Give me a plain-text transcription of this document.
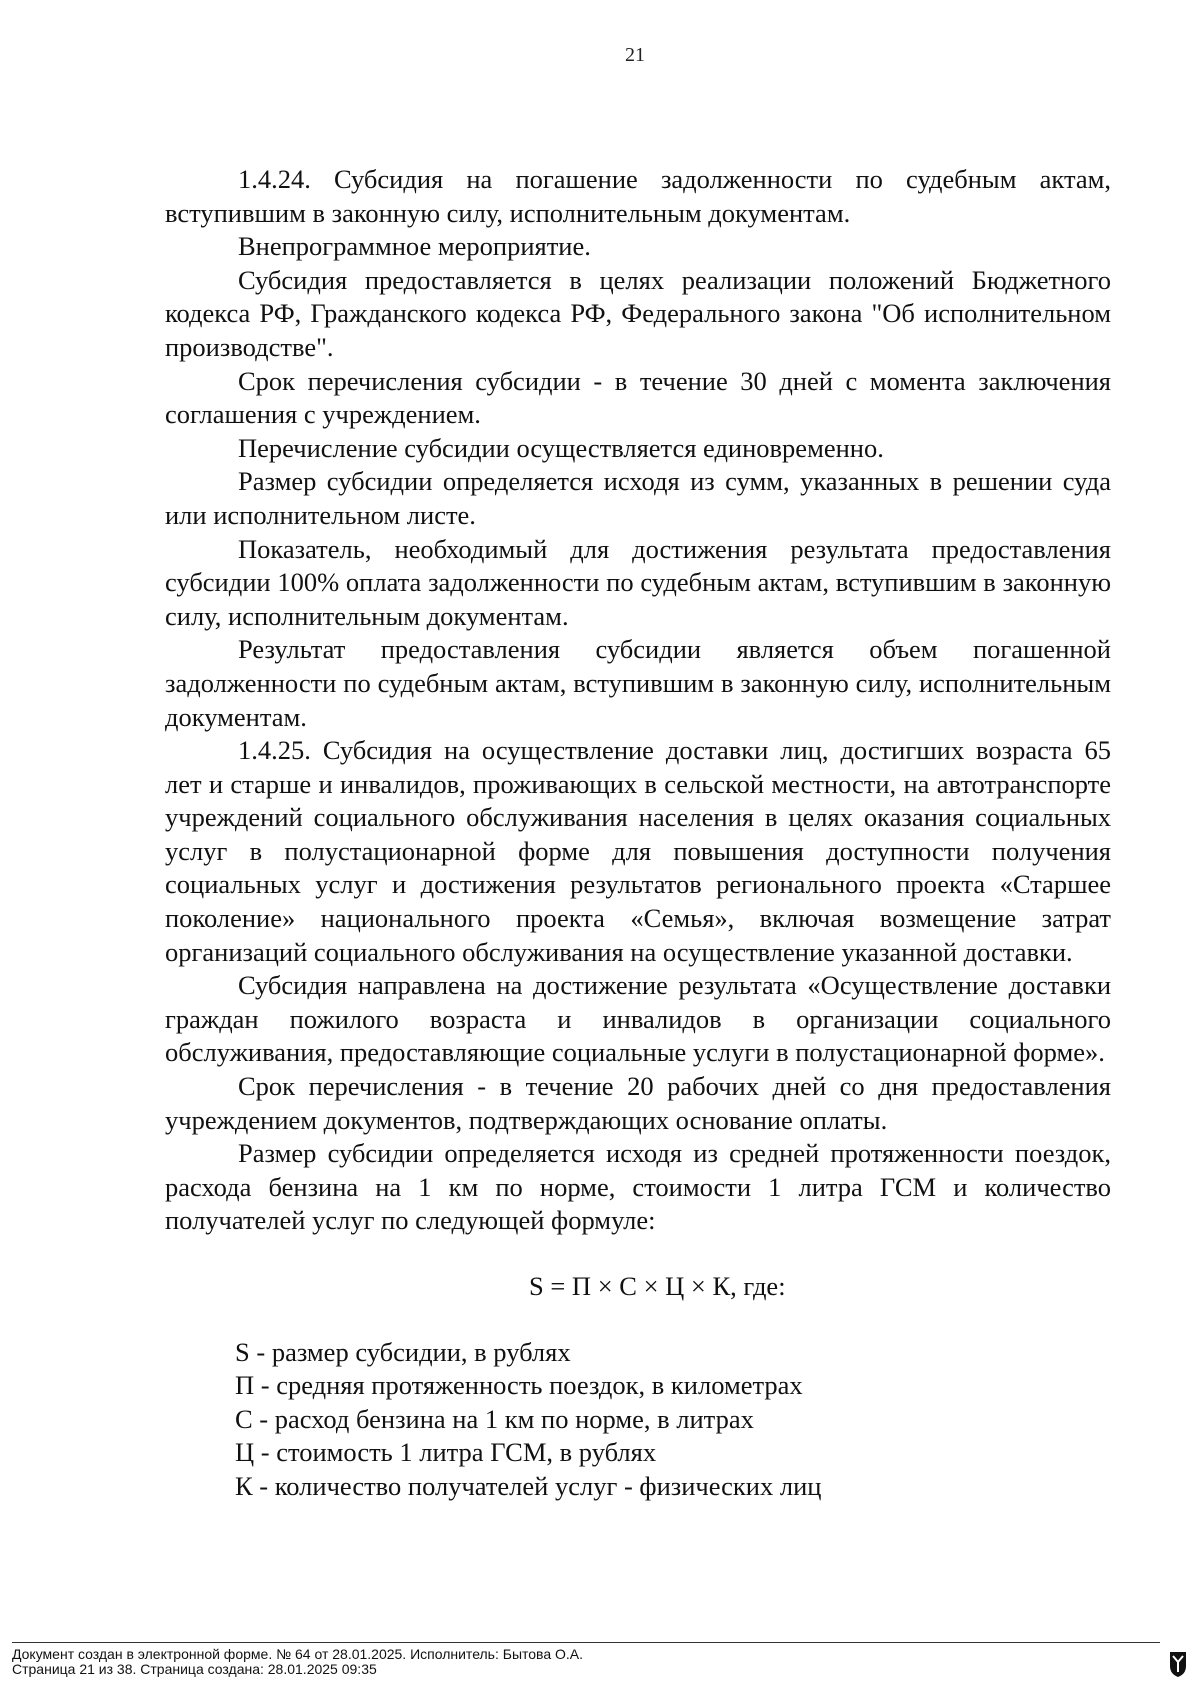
21

1.4.24. Субсидия на погашение задолженности по судебным актам, вступившим в законную силу, исполнительным документам.

Внепрограммное мероприятие.

Субсидия предоставляется в целях реализации положений Бюджетного кодекса РФ, Гражданского кодекса РФ, Федерального закона "Об исполнительном производстве".

Срок перечисления субсидии - в течение 30 дней с момента заключения соглашения с учреждением.

Перечисление субсидии осуществляется единовременно.

Размер субсидии определяется исходя из сумм, указанных в решении суда или исполнительном листе.

Показатель, необходимый для достижения результата предоставления субсидии 100% оплата задолженности по судебным актам, вступившим в законную силу, исполнительным документам.

Результат предоставления субсидии является объем погашенной задолженности по судебным актам, вступившим в законную силу, исполнительным документам.

1.4.25. Субсидия на осуществление доставки лиц, достигших возраста 65 лет и старше и инвалидов, проживающих в сельской местности, на автотранспорте учреждений социального обслуживания населения в целях оказания социальных услуг в полустационарной форме для повышения доступности получения социальных услуг и достижения результатов регионального проекта «Старшее поколение» национального проекта «Семья», включая возмещение затрат организаций социального обслуживания на осуществление указанной доставки.

Субсидия направлена на достижение результата «Осуществление доставки граждан пожилого возраста и инвалидов в организации социального обслуживания, предоставляющие социальные услуги в полустационарной форме».

Срок перечисления - в течение 20 рабочих дней со дня предоставления учреждением документов, подтверждающих основание оплаты.

Размер субсидии определяется исходя из средней протяженности поездок, расхода бензина на 1 км по норме, стоимости 1 литра ГСМ и количество получателей услуг по следующей формуле:

S = П × С × Ц × К, где:
S - размер субсидии, в рублях
П - средняя протяженность поездок, в километрах
С - расход бензина на 1 км по норме, в литрах
Ц - стоимость 1 литра ГСМ, в рублях
К - количество получателей услуг - физических лиц
Документ создан в электронной форме. № 64 от 28.01.2025. Исполнитель: Бытова О.А.
Страница 21 из 38. Страница создана: 28.01.2025 09:35
